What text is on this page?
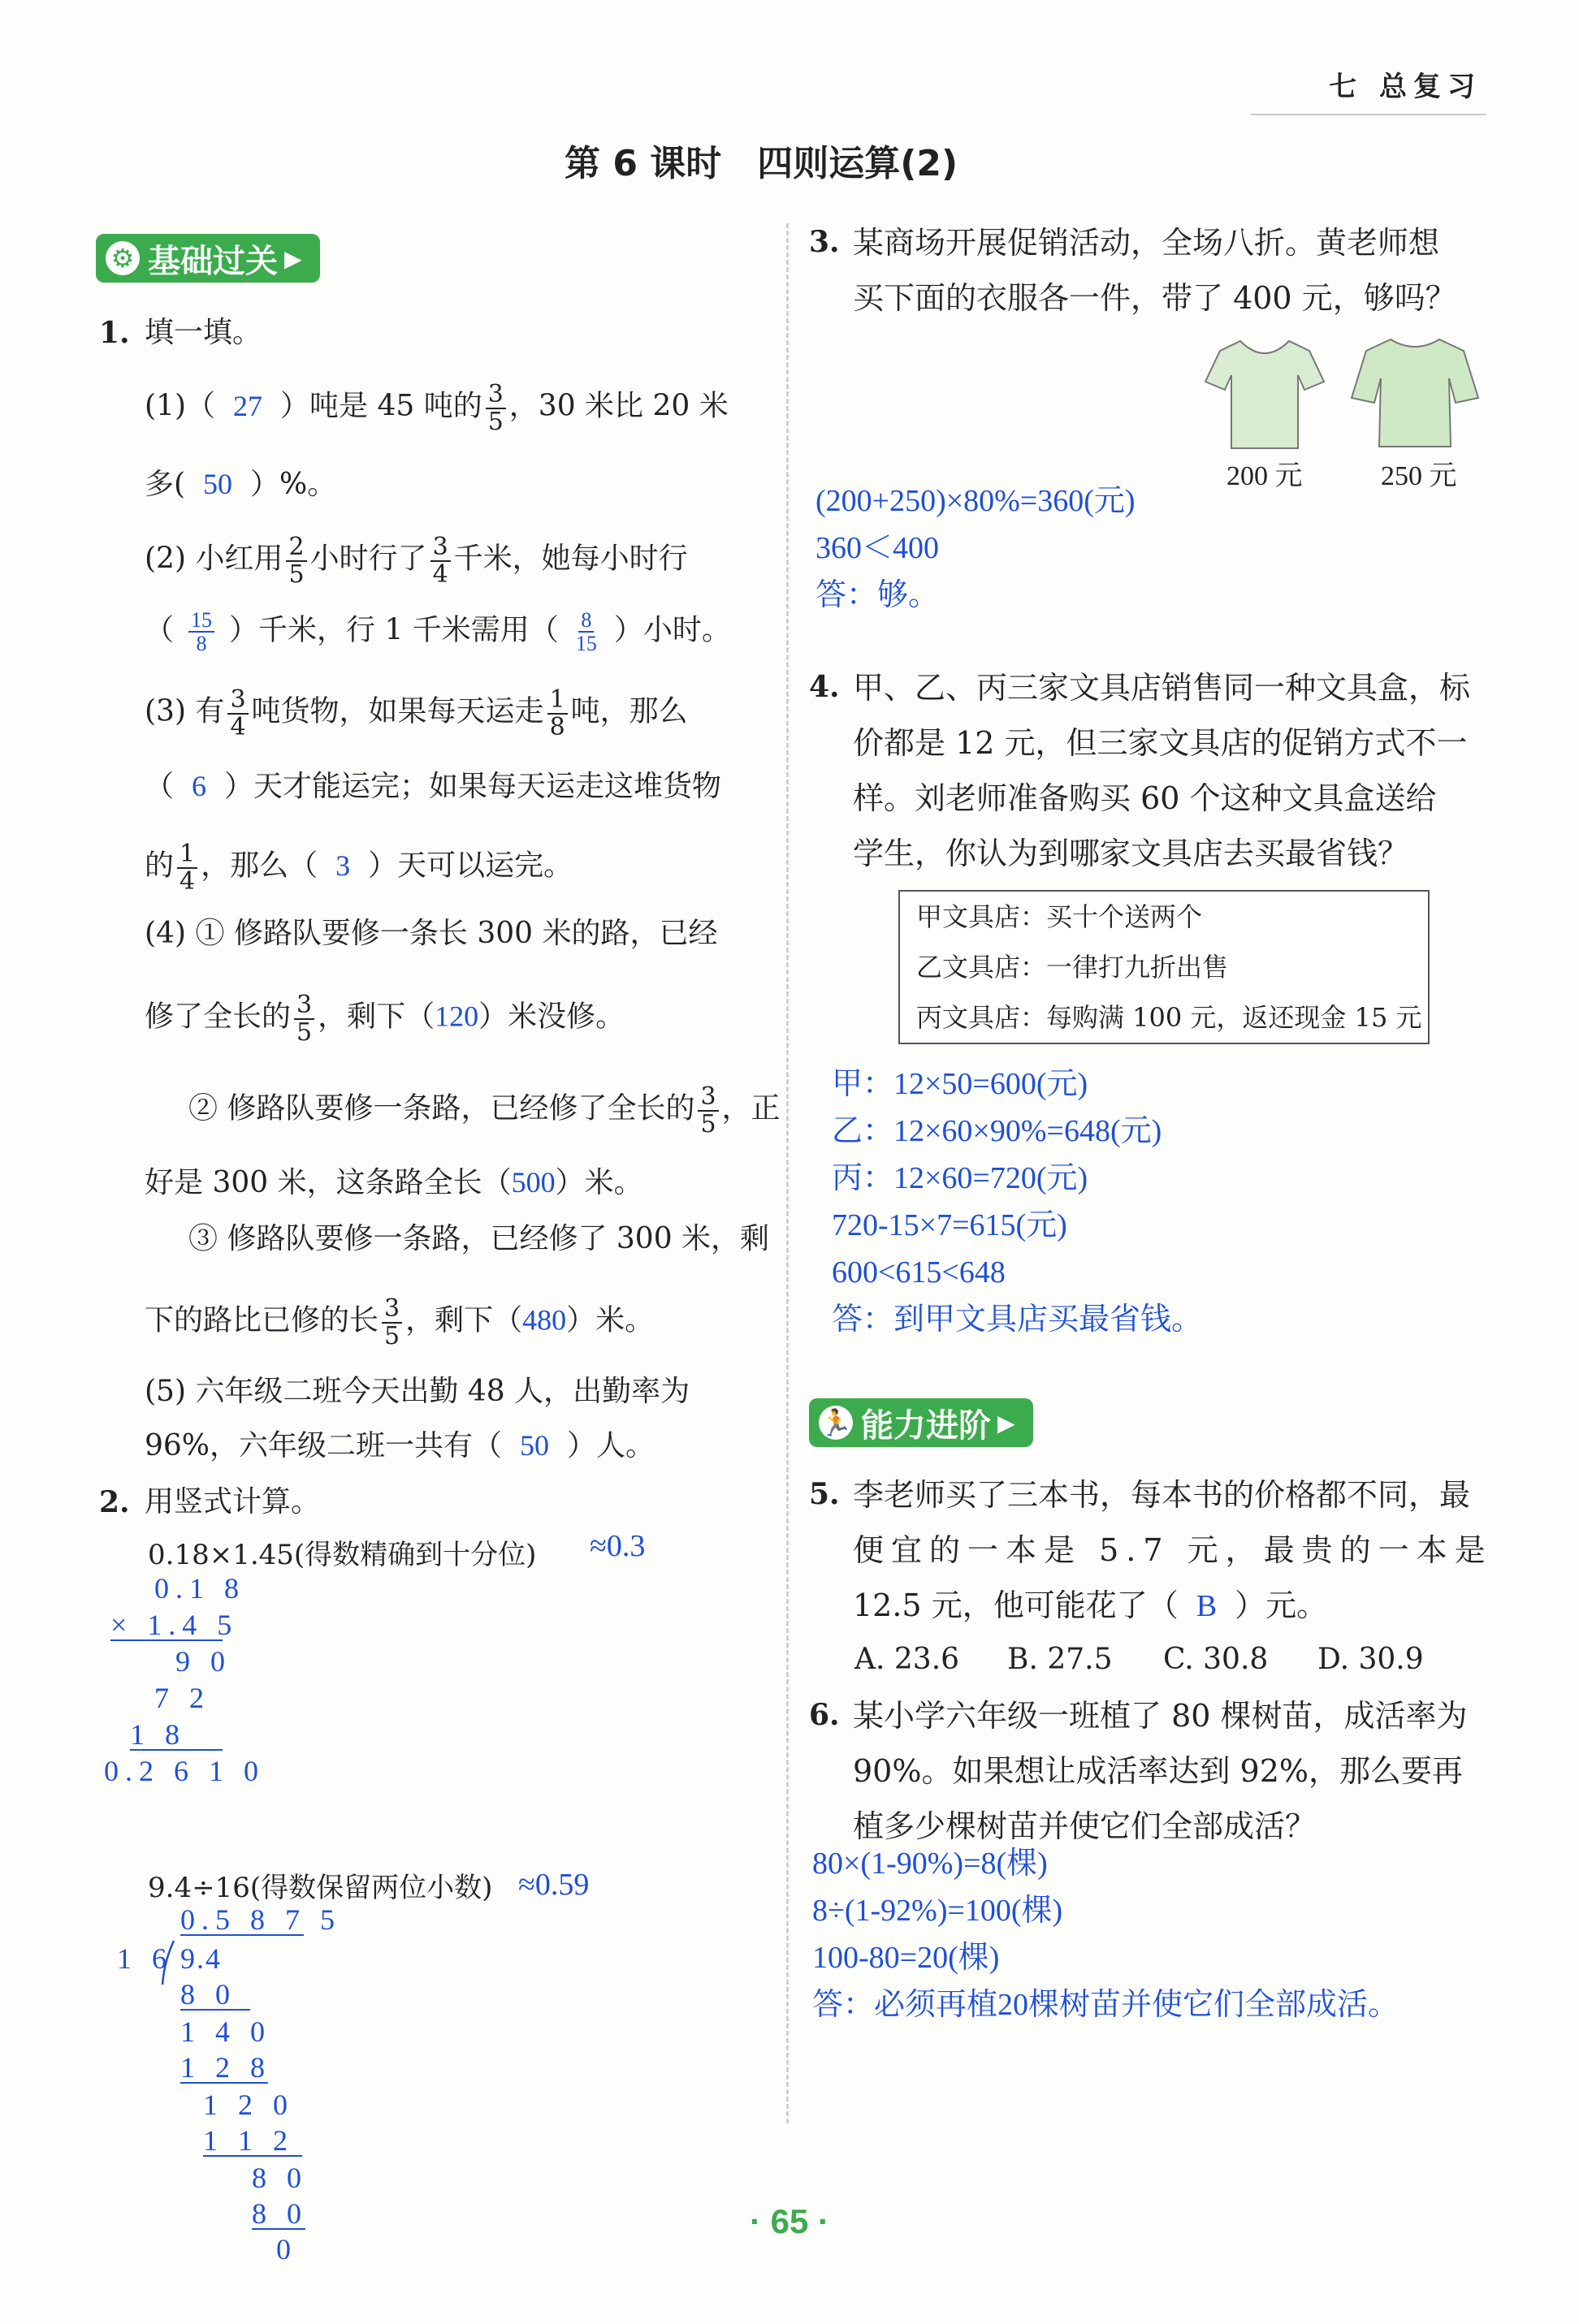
七 总复习
第 6 课时　四则运算(2)
⚙ 基础过关 ▶
1. 填一填。
(1)（ 27 ）吨是 45 吨的 $\frac{3}{5}$ ，30 米比 20 米
多( 50 ）%。
(2) 小红用 $\frac{2}{5}$ 小时行了 $\frac{3}{4}$ 千米，她每小时行
（ $\frac{15}{8}$ ）千米，行 1 千米需用（ $\frac{8}{15}$ ）小时。
(3) 有 $\frac{3}{4}$ 吨货物，如果每天运走 $\frac{1}{8}$ 吨，那么
（ 6 ）天才能运完；如果每天运走这堆货物
的 $\frac{1}{4}$ ，那么（ 3 ）天可以运完。
(4) ① 修路队要修一条长 300 米的路，已经
修了全长的 $\frac{3}{5}$ ，剩下（120）米没修。
② 修路队要修一条路，已经修了全长的 $\frac{3}{5}$ ，正
好是 300 米，这条路全长（500）米。
③ 修路队要修一条路，已经修了 300 米，剩
下的路比已修的长 $\frac{3}{5}$ ，剩下（480）米。
(5) 六年级二班今天出勤 48 人，出勤率为
96%，六年级二班一共有（ 50 ）人。
2. 用竖式计算。
0.18×1.45(得数精确到十分位) ≈0.3
0.1 8
× 1.4 5
9 0
7 2
1 8
0.2 6 1 0
9.4÷16(得数保留两位小数) ≈0.59
0.5 8 7 5
1 6 9.4
8 0
1 4 0
1 2 8
1 2 0
1 1 2
8 0
8 0
0
3. 某商场开展促销活动，全场八折。黄老师想
买下面的衣服各一件，带了 400 元，够吗？
200 元	250 元
(200+250)×80%=360(元)
360＜400
答：够。
4. 甲、乙、丙三家文具店销售同一种文具盒，标
价都是 12 元，但三家文具店的促销方式不一
样。刘老师准备购买 60 个这种文具盒送给
学生，你认为到哪家文具店去买最省钱？
甲文具店：买十个送两个
乙文具店：一律打九折出售
丙文具店：每购满 100 元，返还现金 15 元
甲：12×50=600(元)
乙：12×60×90%=648(元)
丙：12×60=720(元)
720-15×7=615(元)
600<615<648
答：到甲文具店买最省钱。
🏃 能力进阶 ▶
5. 李老师买了三本书，每本书的价格都不同，最
便宜的一本是 5.7 元，最贵的一本是
12.5 元，他可能花了（ B ）元。
A. 23.6 B. 27.5 C. 30.8 D. 30.9
6. 某小学六年级一班植了 80 棵树苗，成活率为
90%。如果想让成活率达到 92%，那么要再
植多少棵树苗并使它们全部成活？
80×(1-90%)=8(棵)
8÷(1-92%)=100(棵)
100-80=20(棵)
答：必须再植20棵树苗并使它们全部成活。
· 65 ·
